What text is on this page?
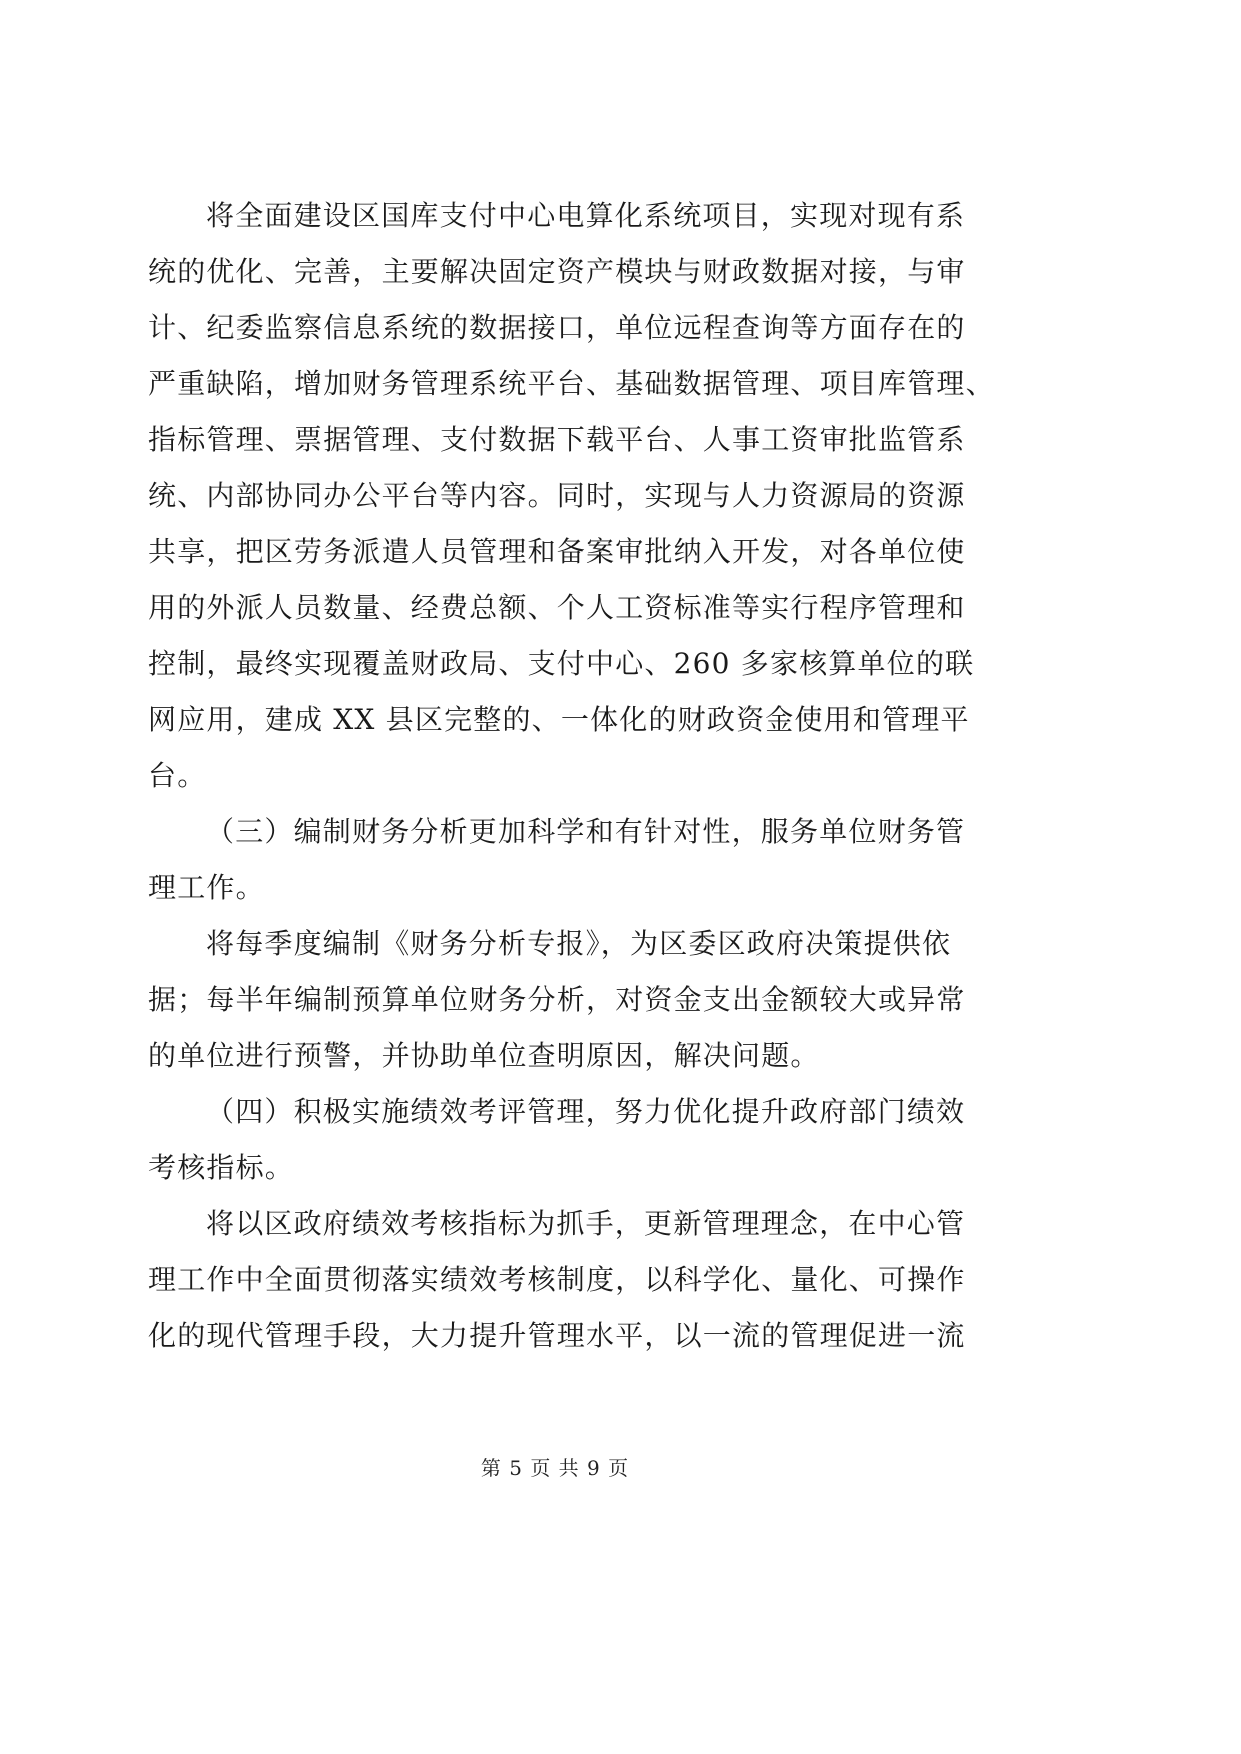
将全面建设区国库支付中心电算化系统项目，实现对现有系
统的优化、完善，主要解决固定资产模块与财政数据对接，与审
计、纪委监察信息系统的数据接口，单位远程查询等方面存在的
严重缺陷，增加财务管理系统平台、基础数据管理、项目库管理、
指标管理、票据管理、支付数据下载平台、人事工资审批监管系
统、内部协同办公平台等内容。同时，实现与人力资源局的资源
共享，把区劳务派遣人员管理和备案审批纳入开发，对各单位使
用的外派人员数量、经费总额、个人工资标准等实行程序管理和
控制，最终实现覆盖财政局、支付中心、260 多家核算单位的联
网应用，建成 XX 县区完整的、一体化的财政资金使用和管理平
台。
（三）编制财务分析更加科学和有针对性，服务单位财务管
理工作。
将每季度编制《财务分析专报》，为区委区政府决策提供依
据；每半年编制预算单位财务分析，对资金支出金额较大或异常
的单位进行预警，并协助单位查明原因，解决问题。
（四）积极实施绩效考评管理，努力优化提升政府部门绩效
考核指标。
将以区政府绩效考核指标为抓手，更新管理理念，在中心管
理工作中全面贯彻落实绩效考核制度，以科学化、量化、可操作
化的现代管理手段，大力提升管理水平，以一流的管理促进一流
第 5 页 共 9 页
